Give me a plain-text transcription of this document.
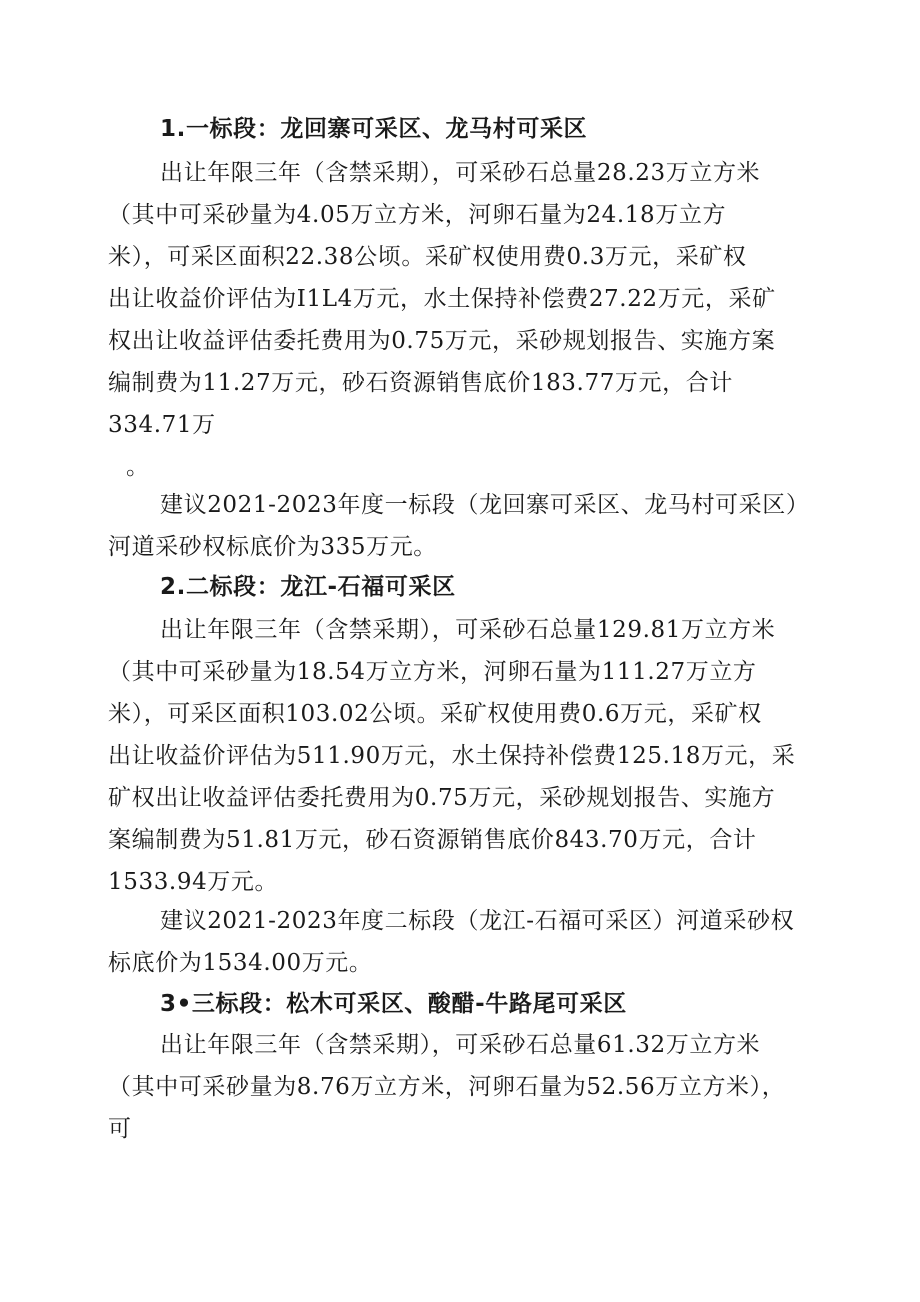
1.一标段：龙回寨可采区、龙马村可采区
出让年限三年（含禁采期），可采砂石总量28.23万立方米
（其中可采砂量为4.05万立方米，河卵石量为24.18万立方
米），可采区面积22.38公顷。采矿权使用费0.3万元，采矿权
出让收益价评估为I1L4万元，水土保持补偿费27.22万元，采矿
权出让收益评估委托费用为0.75万元，采砂规划报告、实施方案
编制费为11.27万元，砂石资源销售底价183.77万元，合计
334.71万
。
建议2021-2023年度一标段（龙回寨可采区、龙马村可采区）
河道采砂权标底价为335万元。
2.二标段：龙江-石福可采区
出让年限三年（含禁采期），可采砂石总量129.81万立方米
（其中可采砂量为18.54万立方米，河卵石量为111.27万立方
米），可采区面积103.02公顷。采矿权使用费0.6万元，采矿权
出让收益价评估为511.90万元，水土保持补偿费125.18万元，采
矿权出让收益评估委托费用为0.75万元，采砂规划报告、实施方
案编制费为51.81万元，砂石资源销售底价843.70万元，合计
1533.94万元。
建议2021-2023年度二标段（龙江-石福可采区）河道采砂权
标底价为1534.00万元。
3•三标段：松木可采区、酸醋-牛路尾可采区
出让年限三年（含禁采期），可采砂石总量61.32万立方米
（其中可采砂量为8.76万立方米，河卵石量为52.56万立方米），
可
